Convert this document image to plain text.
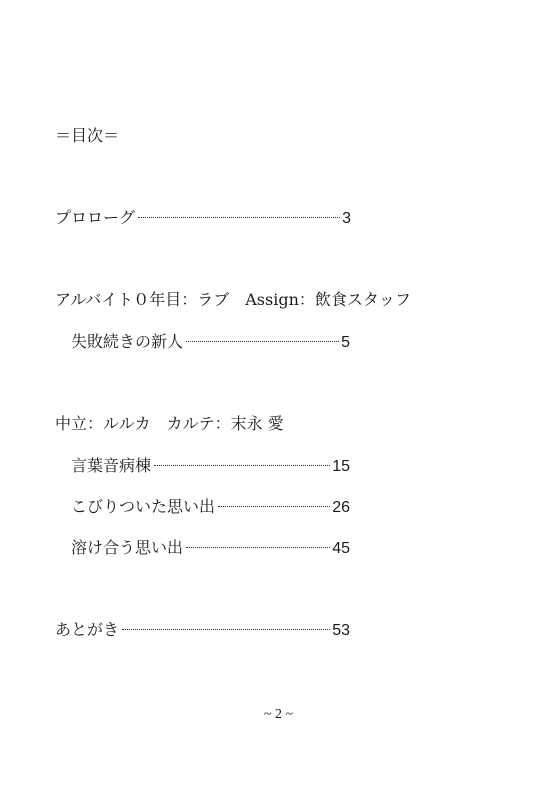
＝目次＝
プロローグ	3
アルバイト０年目：ラブ　Assign：飲食スタッフ
失敗続きの新人	5
中立：ルルカ　カルテ：末永 愛
言葉音病棟	15
こびりついた思い出	26
溶け合う思い出	45
あとがき	53
~ 2 ~
